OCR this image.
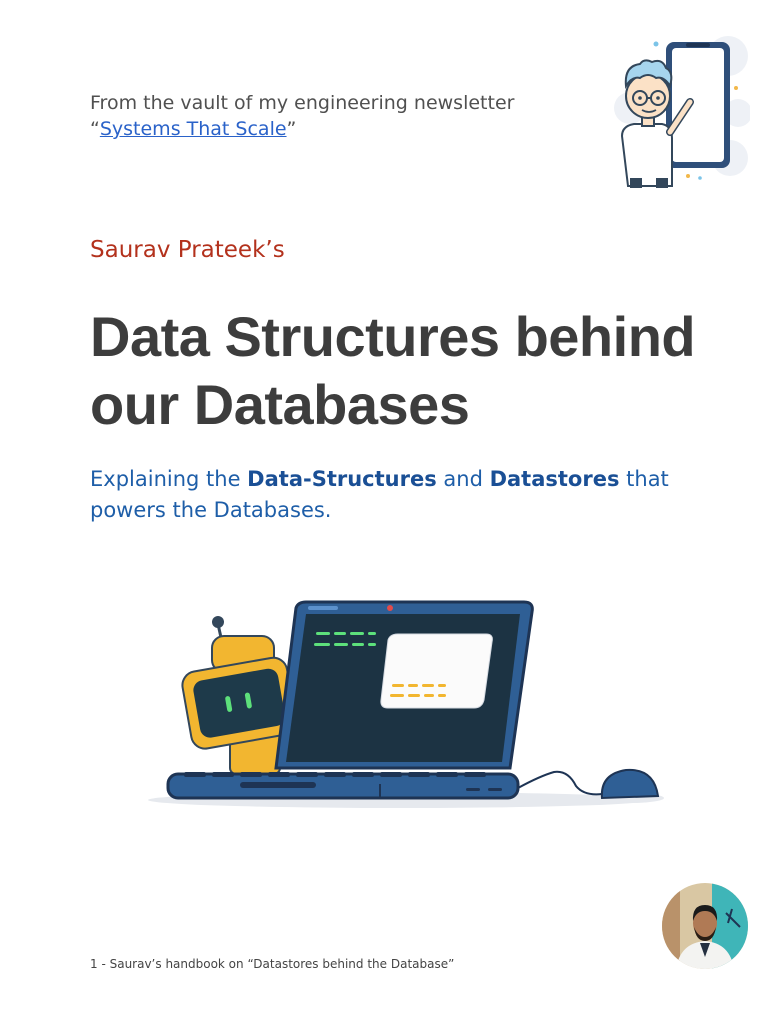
From the vault of my engineering newsletter
“Systems That Scale”
Saurav Prateek’s
Data Structures behind
our Databases
Explaining the Data-Structures and Datastores that powers the Databases.
1 - Saurav’s handbook on “Datastores behind the Database”
